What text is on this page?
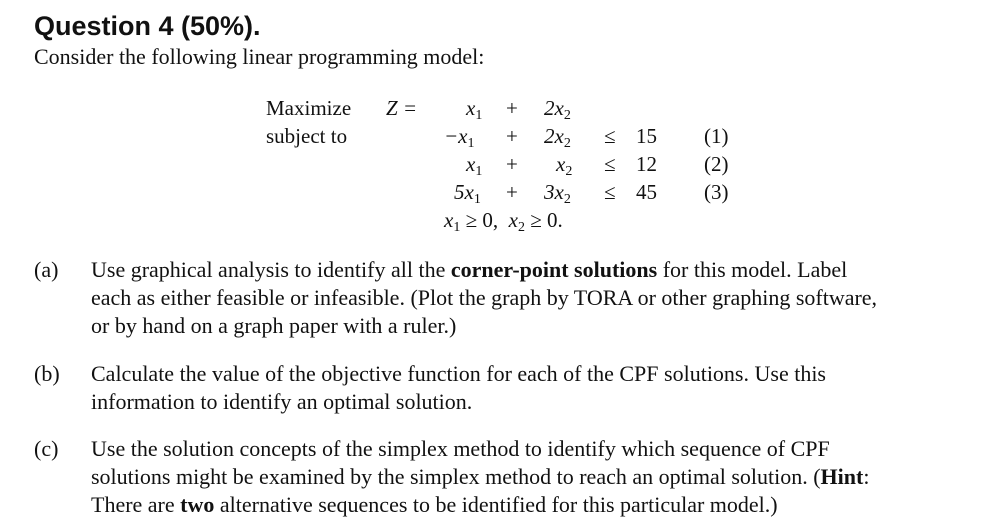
Question 4 (50%).
Consider the following linear programming model:
Maximize $Z = x_1 + 2x_2$
subject to	$-x_1 + 2x_2 \le 15$ (1)
$x_1 + x_2 \le 12$ (2)
$5x_1 + 3x_2 \le 45$ (3)
$x_1 \ge 0$,  $x_2 \ge 0$.
(a)	Use graphical analysis to identify all the corner-point solutions for this model. Label
each as either feasible or infeasible. (Plot the graph by TORA or other graphing software,
or by hand on a graph paper with a ruler.)
(b)	Calculate the value of the objective function for each of the CPF solutions. Use this
information to identify an optimal solution.
(c)	Use the solution concepts of the simplex method to identify which sequence of CPF
solutions might be examined by the simplex method to reach an optimal solution. (Hint:
There are two alternative sequences to be identified for this particular model.)
